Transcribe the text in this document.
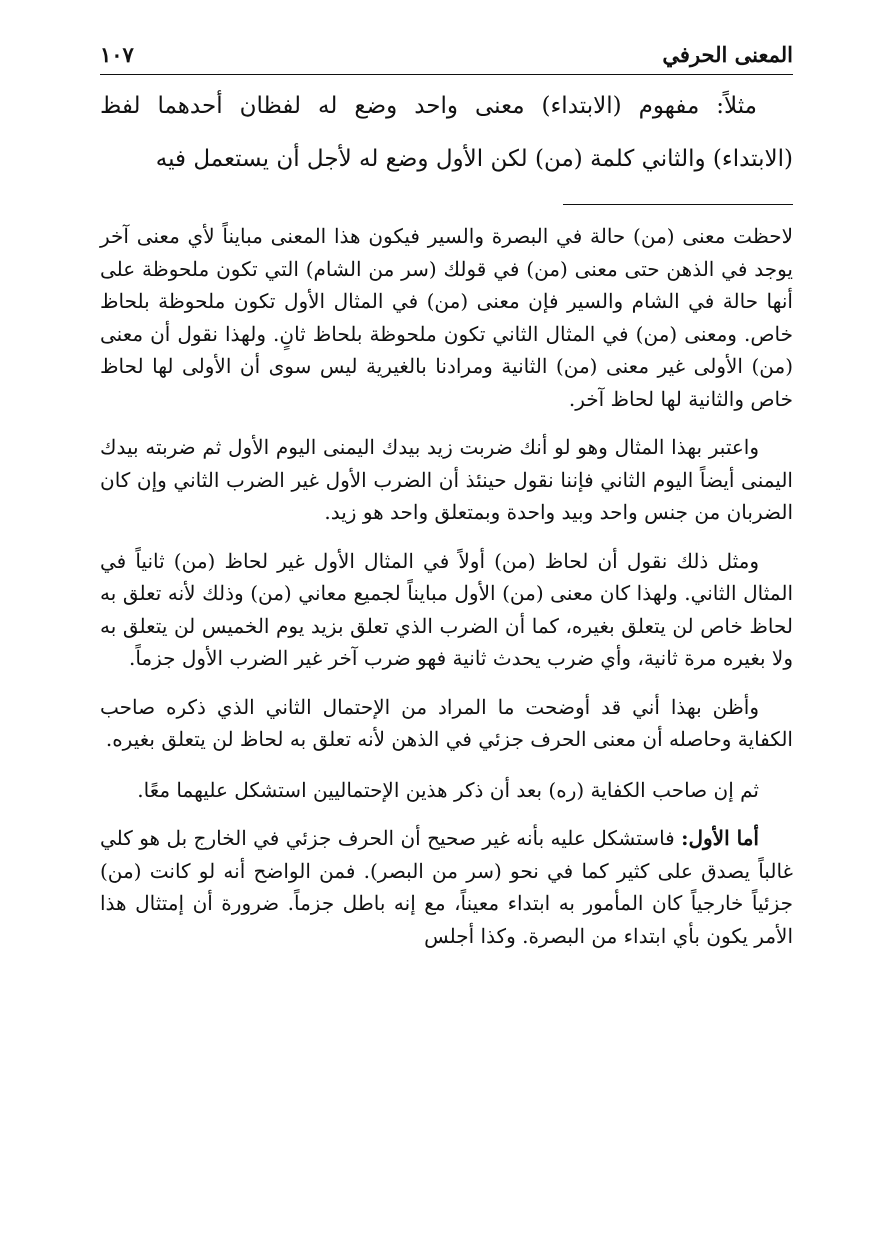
المعنى الحرفي
١٠٧

مثلاً: مفهوم (الابتداء) معنى واحد وضع له لفظان أحدهما لفظ (الابتداء) والثاني كلمة (من) لكن الأول وضع له لأجل أن يستعمل فيه

لاحظت معنى (من) حالة في البصرة والسير فيكون هذا المعنى مبايناً لأي معنى آخر يوجد في الذهن حتى معنى (من) في قولك (سر من الشام) التي تكون ملحوظة على أنها حالة في الشام والسير فإن معنى (من) في المثال الأول تكون ملحوظة بلحاظ خاص. ومعنى (من) في المثال الثاني تكون ملحوظة بلحاظ ثانٍ. ولهذا نقول أن معنى (من) الأولى غير معنى (من) الثانية ومرادنا بالغيرية ليس سوى أن الأولى لها لحاظ خاص والثانية لها لحاظ آخر.

واعتبر بهذا المثال وهو لو أنك ضربت زيد بيدك اليمنى اليوم الأول ثم ضربته بيدك اليمنى أيضاً اليوم الثاني فإننا نقول حينئذ أن الضرب الأول غير الضرب الثاني وإن كان الضربان من جنس واحد وبيد واحدة وبمتعلق واحد هو زيد.

ومثل ذلك نقول أن لحاظ (من) أولاً في المثال الأول غير لحاظ (من) ثانياً في المثال الثاني. ولهذا كان معنى (من) الأول مبايناً لجميع معاني (من) وذلك لأنه تعلق به لحاظ خاص لن يتعلق بغيره، كما أن الضرب الذي تعلق بزيد يوم الخميس لن يتعلق به ولا بغيره مرة ثانية، وأي ضرب يحدث ثانية فهو ضرب آخر غير الضرب الأول جزماً.

وأظن بهذا أني قد أوضحت ما المراد من الإحتمال الثاني الذي ذكره صاحب الكفاية وحاصله أن معنى الحرف جزئي في الذهن لأنه تعلق به لحاظ لن يتعلق بغيره.

ثم إن صاحب الكفاية (ره) بعد أن ذكر هذين الإحتماليين استشكل عليهما معًا.

أما الأول: فاستشكل عليه بأنه غير صحيح أن الحرف جزئي في الخارج بل هو كلي غالباً يصدق على كثير كما في نحو (سر من البصر). فمن الواضح أنه لو كانت (من) جزئياً خارجياً كان المأمور به ابتداء معيناً، مع إنه باطل جزماً. ضرورة أن إمتثال هذا الأمر يكون بأي ابتداء من البصرة. وكذا أجلس
